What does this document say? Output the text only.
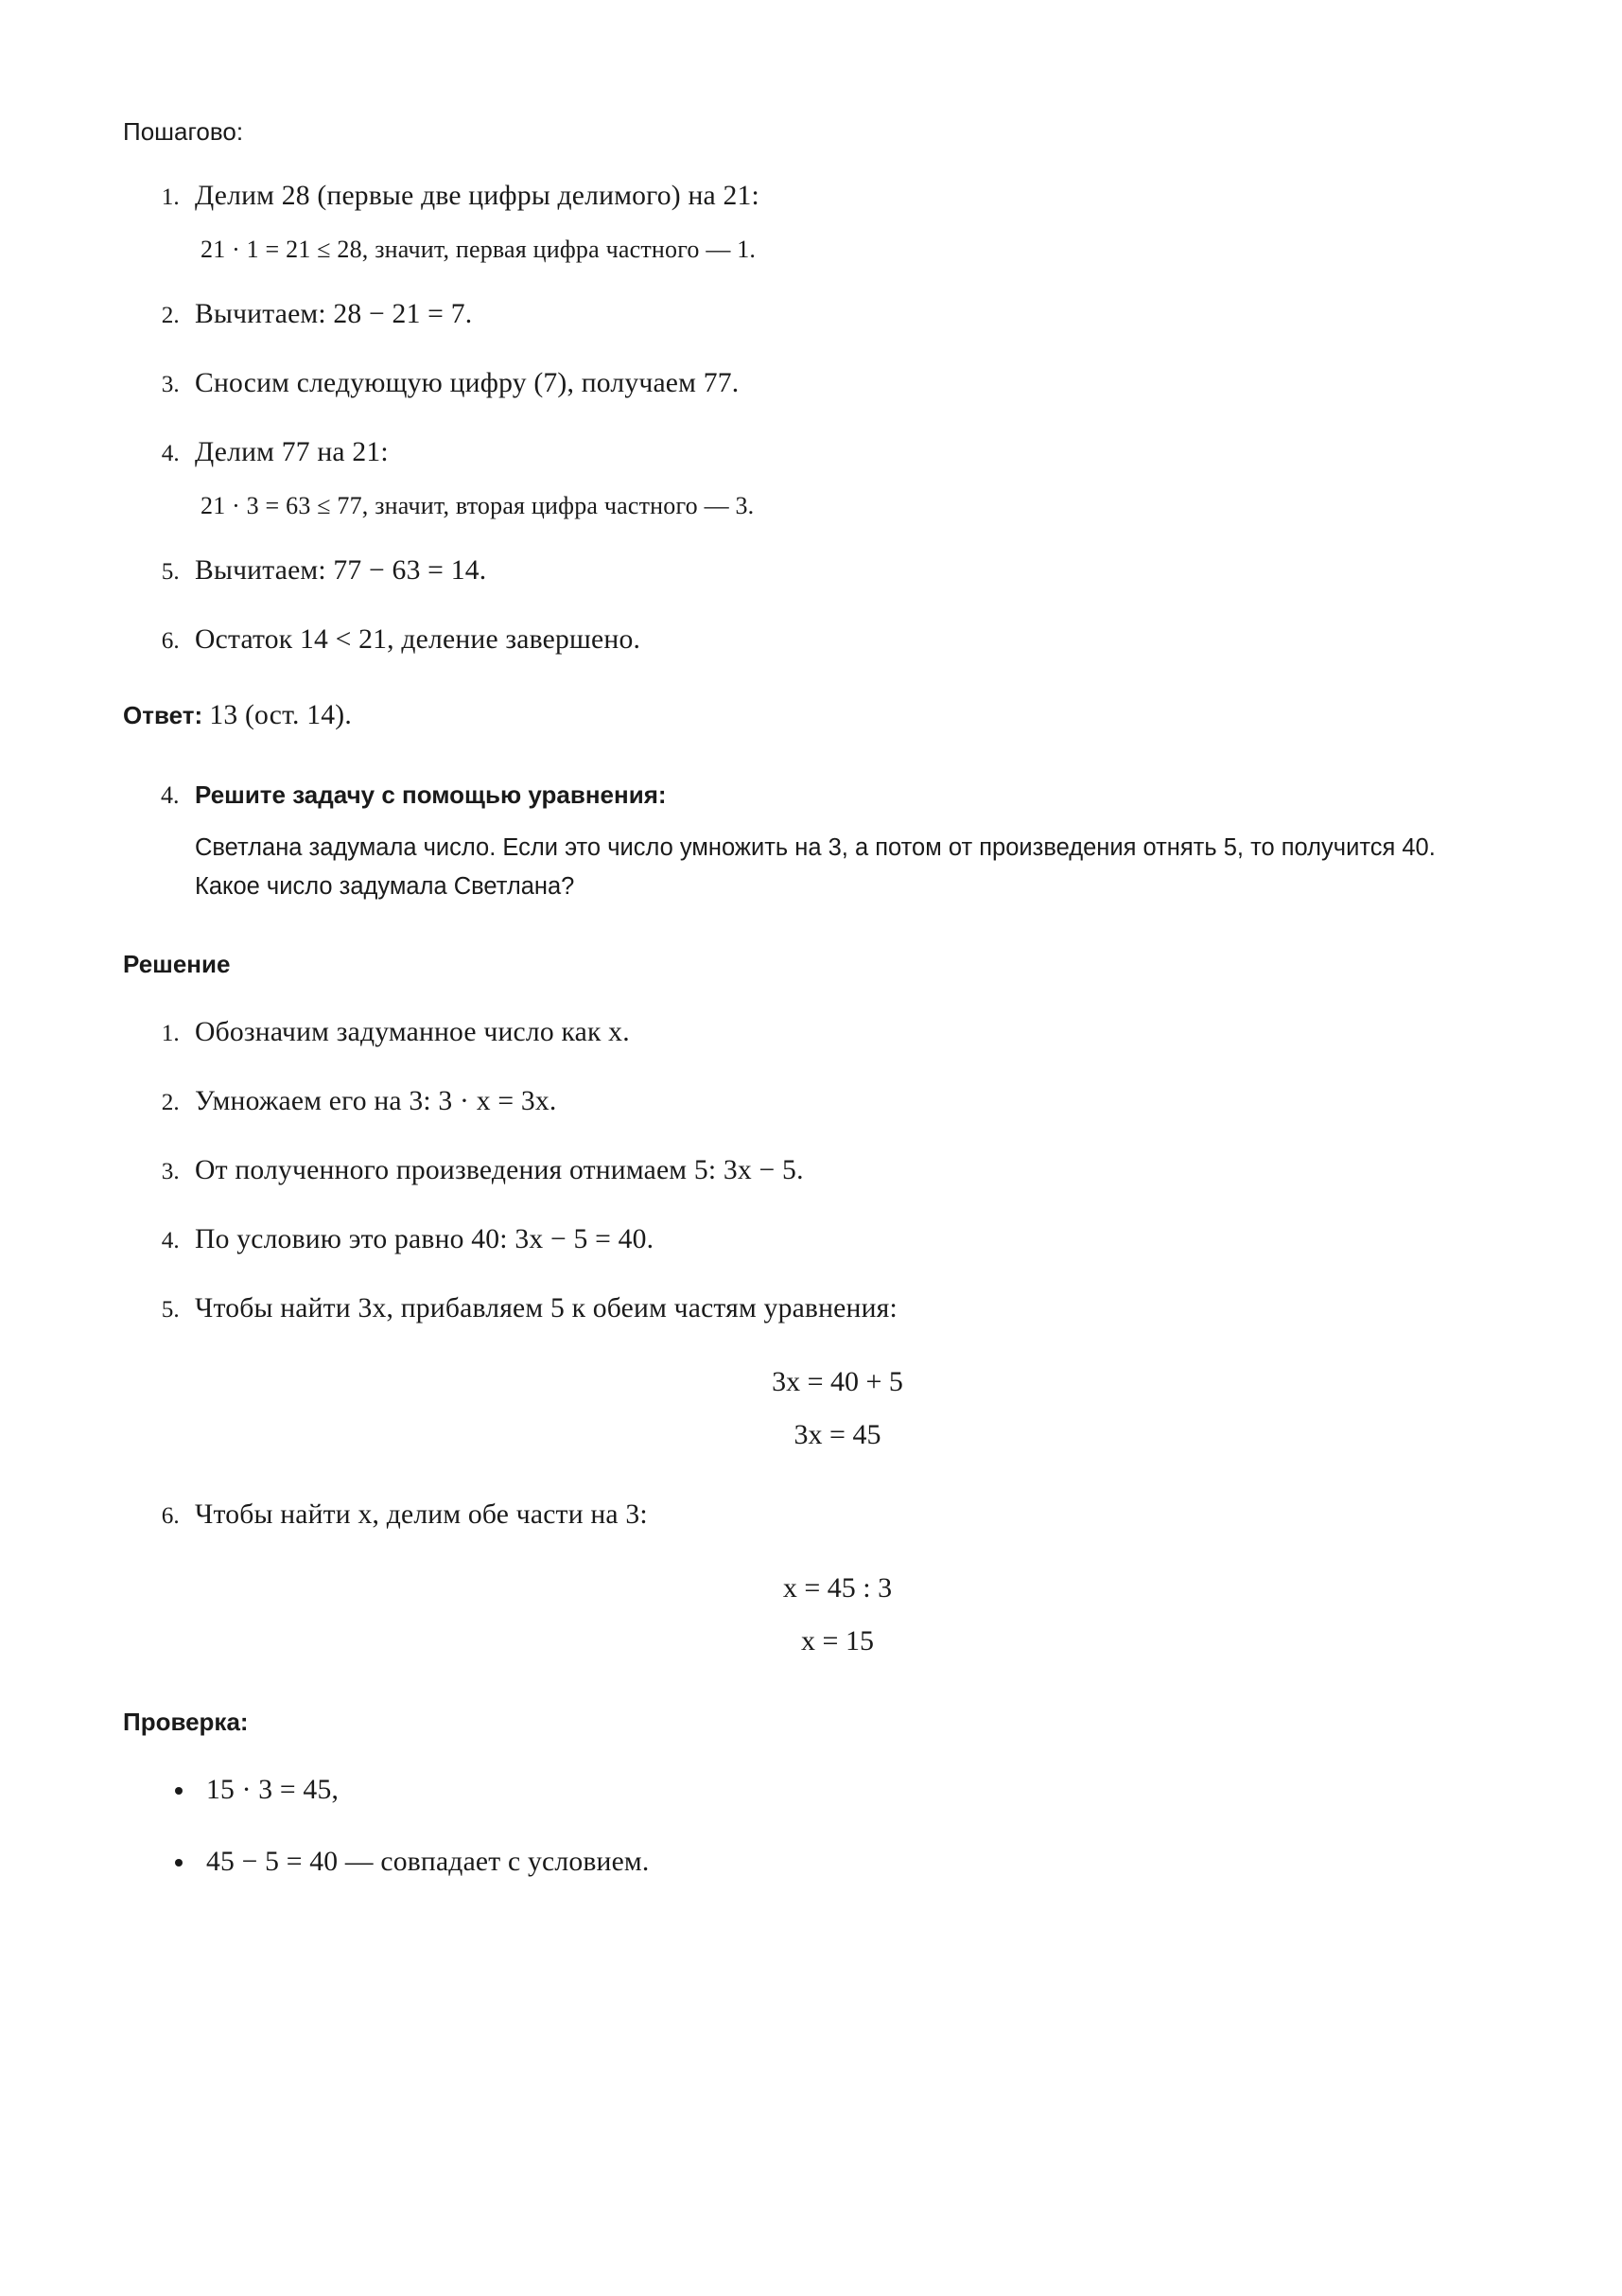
Пошагово:

1. Делим 28 (первые две цифры делимого) на 21:
21 · 1 = 21 ≤ 28, значит, первая цифра частного — 1.
2. Вычитаем: 28 − 21 = 7.
3. Сносим следующую цифру (7), получаем 77.
4. Делим 77 на 21:
21 · 3 = 63 ≤ 77, значит, вторая цифра частного — 3.
5. Вычитаем: 77 − 63 = 14.
6. Остаток 14 < 21, деление завершено.

Ответ: 13 (ост. 14).

4. Решите задачу с помощью уравнения:
Светлана задумала число. Если это число умножить на 3, а потом от произведения отнять 5, то получится 40. Какое число задумала Светлана?
Решение
1. Обозначим задуманное число как x.
2. Умножаем его на 3: 3 · x = 3x.
3. От полученного произведения отнимаем 5: 3x − 5.
4. По условию это равно 40: 3x − 5 = 40.
5. Чтобы найти 3x, прибавляем 5 к обеим частям уравнения:
3x = 40 + 5
3x = 45
6. Чтобы найти x, делим обе части на 3:
x = 45 : 3
x = 15
Проверка:
• 15 · 3 = 45,
• 45 − 5 = 40 — совпадает с условием.
